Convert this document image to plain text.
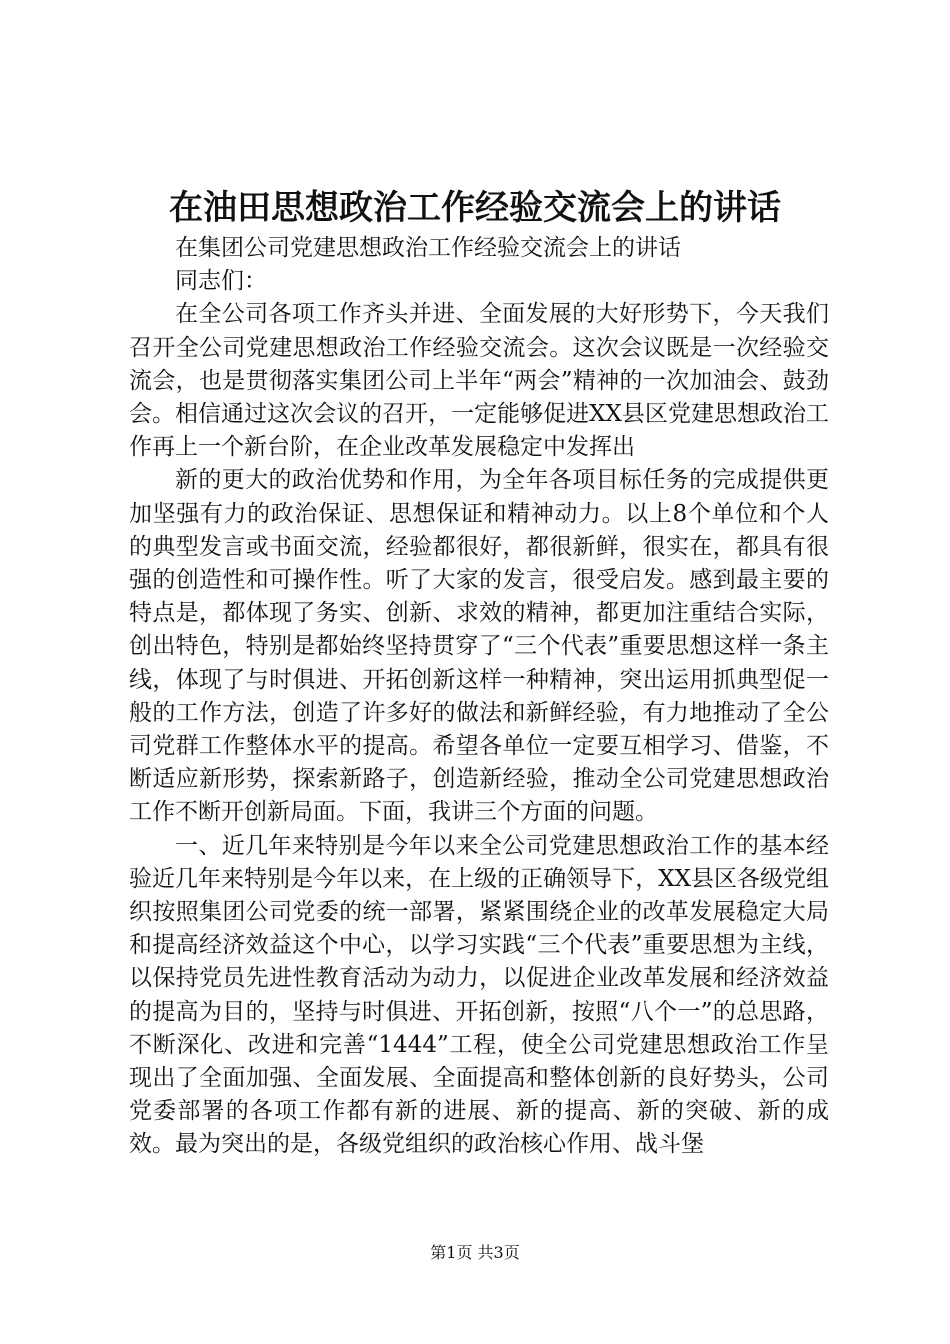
在油田思想政治工作经验交流会上的讲话

在集团公司党建思想政治工作经验交流会上的讲话

同志们：

在全公司各项工作齐头并进、全面发展的大好形势下，今天我们召开全公司党建思想政治工作经验交流会。这次会议既是一次经验交流会，也是贯彻落实集团公司上半年“两会”精神的一次加油会、鼓劲会。相信通过这次会议的召开，一定能够促进XX县区党建思想政治工作再上一个新台阶，在企业改革发展稳定中发挥出

新的更大的政治优势和作用，为全年各项目标任务的完成提供更加坚强有力的政治保证、思想保证和精神动力。以上8个单位和个人的典型发言或书面交流，经验都很好，都很新鲜，很实在，都具有很强的创造性和可操作性。听了大家的发言，很受启发。感到最主要的特点是，都体现了务实、创新、求效的精神，都更加注重结合实际，创出特色，特别是都始终坚持贯穿了“三个代表”重要思想这样一条主线，体现了与时俱进、开拓创新这样一种精神，突出运用抓典型促一般的工作方法，创造了许多好的做法和新鲜经验，有力地推动了全公司党群工作整体水平的提高。希望各单位一定要互相学习、借鉴，不断适应新形势，探索新路子，创造新经验，推动全公司党建思想政治工作不断开创新局面。下面，我讲三个方面的问题。

一、近几年来特别是今年以来全公司党建思想政治工作的基本经验近几年来特别是今年以来，在上级的正确领导下，XX县区各级党组织按照集团公司党委的统一部署，紧紧围绕企业的改革发展稳定大局和提高经济效益这个中心，以学习实践“三个代表”重要思想为主线，以保持党员先进性教育活动为动力，以促进企业改革发展和经济效益的提高为目的，坚持与时俱进、开拓创新，按照“八个一”的总思路，不断深化、改进和完善“1444”工程，使全公司党建思想政治工作呈现出了全面加强、全面发展、全面提高和整体创新的良好势头，公司党委部署的各项工作都有新的进展、新的提高、新的突破、新的成效。最为突出的是，各级党组织的政治核心作用、战斗堡

第1页 共3页
